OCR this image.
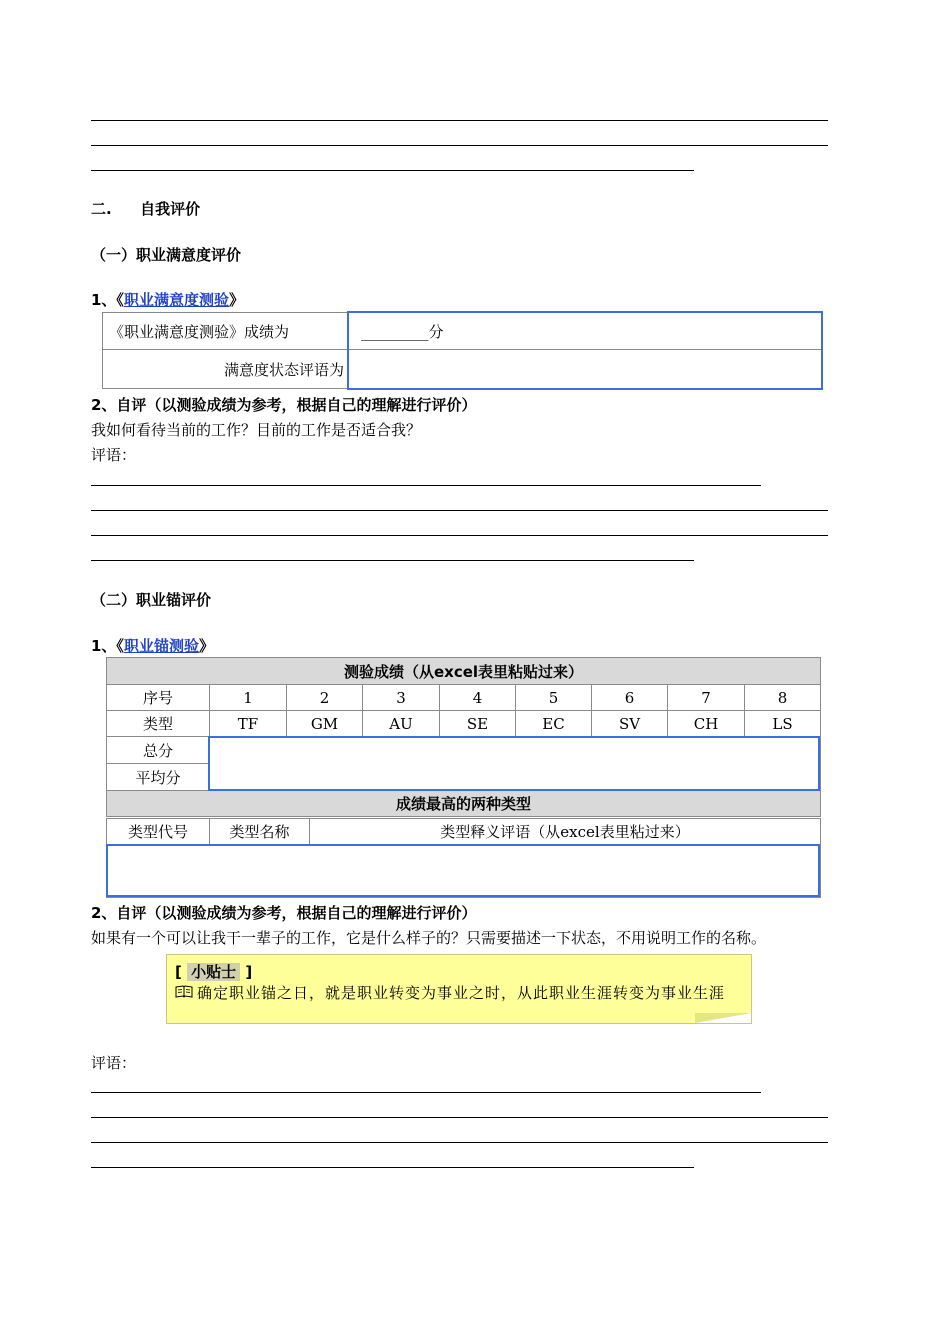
二. 自我评价
（一）职业满意度评价
1、《职业满意度测验》
《职业满意度测验》成绩为	_________分
满意度状态评语为	
2、自评（以测验成绩为参考，根据自己的理解进行评价）
我如何看待当前的工作？目前的工作是否适合我？
评语：
（二）职业锚评价
1、《职业锚测验》
测验成绩（从excel表里粘贴过来）								
序号	1	2	3	4	5	6	7	8
类型	TF	GM	AU	SE	EC	SV	CH	LS
总分								
平均分								
成绩最高的两种类型								
类型代号	类型名称	类型释义评语（从excel表里粘过来）

2、自评（以测验成绩为参考，根据自己的理解进行评价）
如果有一个可以让我干一辈子的工作，它是什么样子的？只需要描述一下状态，不用说明工作的名称。
[ 小贴士 ]
确定职业锚之日，就是职业转变为事业之时，从此职业生涯转变为事业生涯
评语：
